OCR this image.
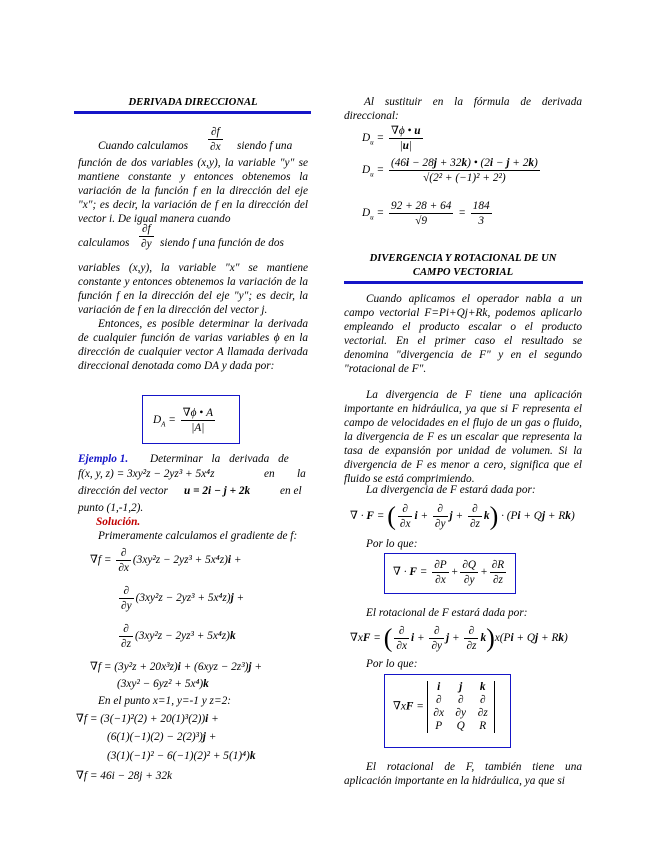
DERIVADA DIRECCIONAL
Cuando calculamos $\frac{\partial f}{\partial x}$ siendo f una
función de dos variables (x,y), la variable "y" se mantiene constante y entonces obtenemos la variación de la función f en la dirección del eje "x"; es decir, la variación de f en la dirección del vector i. De igual manera cuando
calculamos $\frac{\partial f}{\partial y}$ siendo f una función de dos
variables (x,y), la variable "x" se mantiene constante y entonces obtenemos la variación de la función f en la dirección del eje "y"; es decir, la variación de f en la dirección del vector j.
Entonces, es posible determinar la derivada de cualquier función de varias variables ϕ en la dirección de cualquier vector A llamada derivada direccional denotada como DA y dada por:
$D_A = \frac{\nabla\phi • A}{|A|}$
Ejemplo 1. Determinar la derivada de
f(x, y, z) = 3xy²z − 2yz³ + 5x⁴z	en la
dirección del vector u = 2i − j + 2k	en el
punto (1,-1,2).
Solución.
Primeramente calculamos el gradiente de f:
$\nabla f = \frac{\partial}{\partial x} (3xy^2z - 2yz^3 + 5x^4z)i$ +
$\frac{\partial}{\partial y} (3xy^2z - 2yz^3 + 5x^4z)j$ +
$\frac{\partial}{\partial z} (3xy^2z - 2yz^3 + 5x^4z)k$
∇f = (3y²z + 20x³z)i + (6xyz − 2z³)j +
(3xy² − 6yz² + 5x⁴)k
En el punto x=1, y=-1 y z=2:
∇f = (3(−1)²(2) + 20(1)³(2))i +
(6(1)(−1)(2) − 2(2)³)j +
(3(1)(−1)² − 6(−1)(2)² + 5(1)⁴)k
∇f = 46i − 28j + 32k
Al sustituir en la fórmula de derivada direccional:
$D_u = \frac{\nabla\phi • u}{|u|}$
$D_u = \frac{(46i - 28j + 32k) • (2i - j + 2k)}{\text{√(2² + (−1)² + 2²)}}$
$D_u = \frac{92 + 28 + 64}{√9} = \frac{184}{3}$
DIVERGENCIA Y ROTACIONAL DE UN
CAMPO VECTORIAL
Cuando aplicamos el operador nabla a un campo vectorial F=Pi+Qj+Rk, podemos aplicarlo empleando el producto escalar o el producto vectorial. En el primer caso el resultado se denomina "divergencia de F" y en el segundo "rotacional de F".
La divergencia de F tiene una aplicación importante en hidráulica, ya que si F representa el campo de velocidades en el flujo de un gas o fluido, la divergencia de F es un escalar que representa la tasa de expansión por unidad de volumen. Si la divergencia de F es menor a cero, significa que el fluido se está comprimiendo.
La divergencia de F estará dada por:
∇ · F = ( $\frac{\partial}{\partial x}$ $i + \frac{\partial}{\partial y}$ $j + \frac{\partial}{\partial z} k) \cdot (Pi + Qj + Rk)$
Por lo que:
∇ · $F = \frac{\partial P}{\partial x} + \frac{\partial Q}{\partial y} + \frac{\partial R}{\partial z}$
El rotacional de F estará dada por:
∇xF = ( $\frac{\partial}{\partial x}$ $i + \frac{\partial}{\partial y}$ $j + \frac{\partial}{\partial z} k)x(Pi + Qj + Rk)$
Por lo que:
∇xF =
i	j	k
∂	∂	∂
∂x	∂y	∂z
P	Q	R
El rotacional de F, también tiene una aplicación importante en la hidráulica, ya que si
